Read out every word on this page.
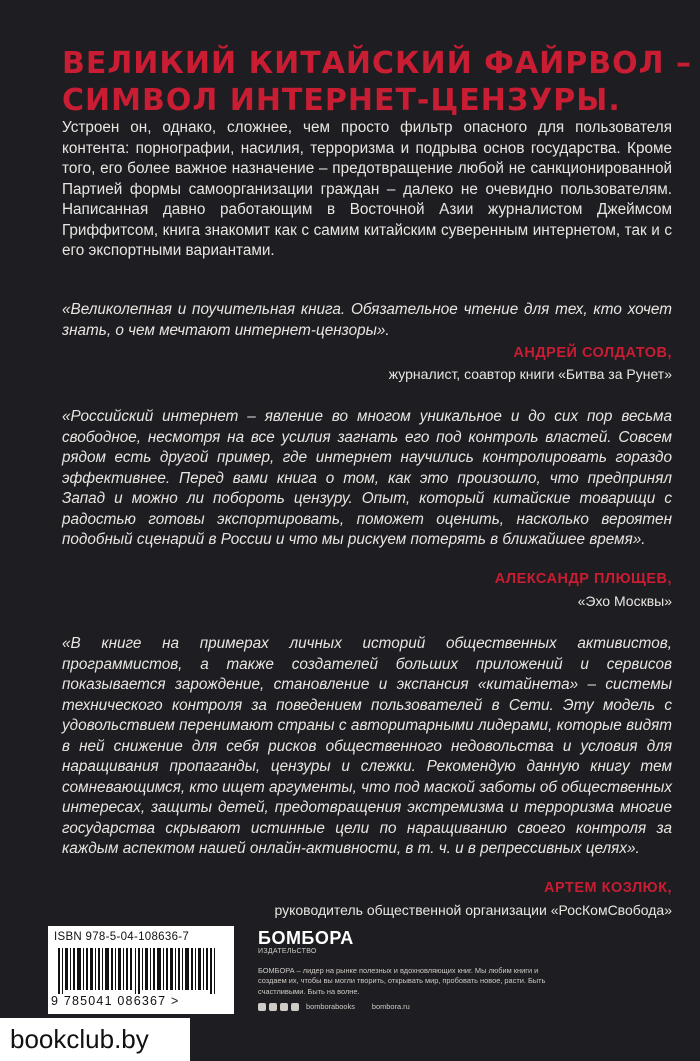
ВЕЛИКИЙ КИТАЙСКИЙ ФАЙРВОЛ –
СИМВОЛ ИНТЕРНЕТ-ЦЕНЗУРЫ.

Устроен он, однако, сложнее, чем просто фильтр опасного для пользователя контента: порнографии, насилия, терроризма и подрыва основ государства. Кроме того, его более важное назначение – предотвращение любой не санкционированной Партией формы самоорганизации граждан – далеко не очевидно пользователям. Написанная давно работающим в Восточной Азии журналистом Джеймсом Гриффитсом, книга знакомит как с самим китайским суверенным интернетом, так и с его экспортными вариантами.

«Великолепная и поучительная книга. Обязательное чтение для тех, кто хочет знать, о чем мечтают интернет-цензоры».

АНДРЕЙ СОЛДАТОВ,
журналист, соавтор книги «Битва за Рунет»

«Российский интернет – явление во многом уникальное и до сих пор весьма свободное, несмотря на все усилия загнать его под контроль властей. Совсем рядом есть другой пример, где интернет научились контролировать гораздо эффективнее. Перед вами книга о том, как это произошло, что предпринял Запад и можно ли побороть цензуру. Опыт, который китайские товарищи с радостью готовы экспортировать, поможет оценить, насколько вероятен подобный сценарий в России и что мы рискуем потерять в ближайшее время».

АЛЕКСАНДР ПЛЮЩЕВ,
«Эхо Москвы»

«В книге на примерах личных историй общественных активистов, программистов, а также создателей больших приложений и сервисов показывается зарождение, становление и экспансия «китайнета» – системы технического контроля за поведением пользователей в Сети. Эту модель с удовольствием перенимают страны с авторитарными лидерами, которые видят в ней снижение для себя рисков общественного недовольства и условия для наращивания пропаганды, цензуры и слежки. Рекомендую данную книгу тем сомневающимся, кто ищет аргументы, что под маской заботы об общественных интересах, защиты детей, предотвращения экстремизма и терроризма многие государства скрывают истинные цели по наращиванию своего контроля за каждым аспектом нашей онлайн-активности, в т. ч. и в репрессивных целях».

АРТЕМ КОЗЛЮК,
руководитель общественной организации «РосКомСвобода»
ISBN 978-5-04-108636-7
9 785041 086367 >
БОМБОРА
ИЗДАТЕЛЬСТВО

БОМБОРА – лидер на рынке полезных и вдохновляющих книг. Мы любим книги и создаем их, чтобы вы могли творить, открывать мир, пробовать новое, расти. Быть счастливыми. Быть на волне.

bomborabooks bombora.ru
bookclub.by
